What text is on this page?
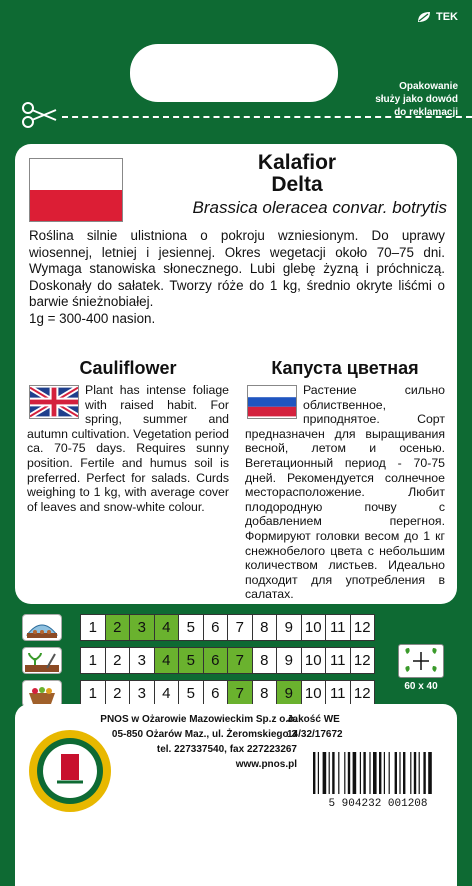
TEK
Opakowanie
służy jako dowód
do reklamacji
Kalafior
Delta
Brassica oleracea convar. botrytis
Roślina silnie ulistniona o pokroju wzniesionym. Do uprawy wiosennej, letniej i jesiennej. Okres wegetacji około 70–75 dni. Wymaga stanowiska słonecznego. Lubi glebę żyzną i próchniczą. Doskonały do sałatek. Tworzy róże do 1 kg, średnio okryte liśćmi o barwie śnieżnobiałej.
1g = 300-400 nasion.
Cauliflower
Plant has intense foliage with raised habit. For spring, summer and autumn cultivation. Vegetation period ca. 70-75 days. Requires sunny position. Fertile and humus soil is preferred. Perfect for salads. Curds weighing to 1 kg, with average cover of leaves and snow-white colour.
Капуста цветная
Растение сильно облиственное, приподнятое. Сорт предназначен для выращивания весной, летом и осенью. Вегетационный период - 70-75 дней. Рекомендуется солнечное месторасположение. Любит плодородную почву с добавлением перегноя. Формируют головки весом до 1 кг снежнобелого цвета с небольшим количеством листьев. Идеально подходит для употребления в салатах.
1	2	3	4	5	6	7	8	9 10 11 12
1	2	3	4	5	6	7	8	9 10 11 12
1	2	3	4	5	6	7	8	9 10 11 12	60 x 40
PNOS w Ożarowie Mazowieckim Sp.z o.o.
05-850 Ożarów Maz., ul. Żeromskiego 3
tel. 227337540, fax 227223267
www.pnos.pl
Jakość WE
14/32/17672
5 904232 001208
